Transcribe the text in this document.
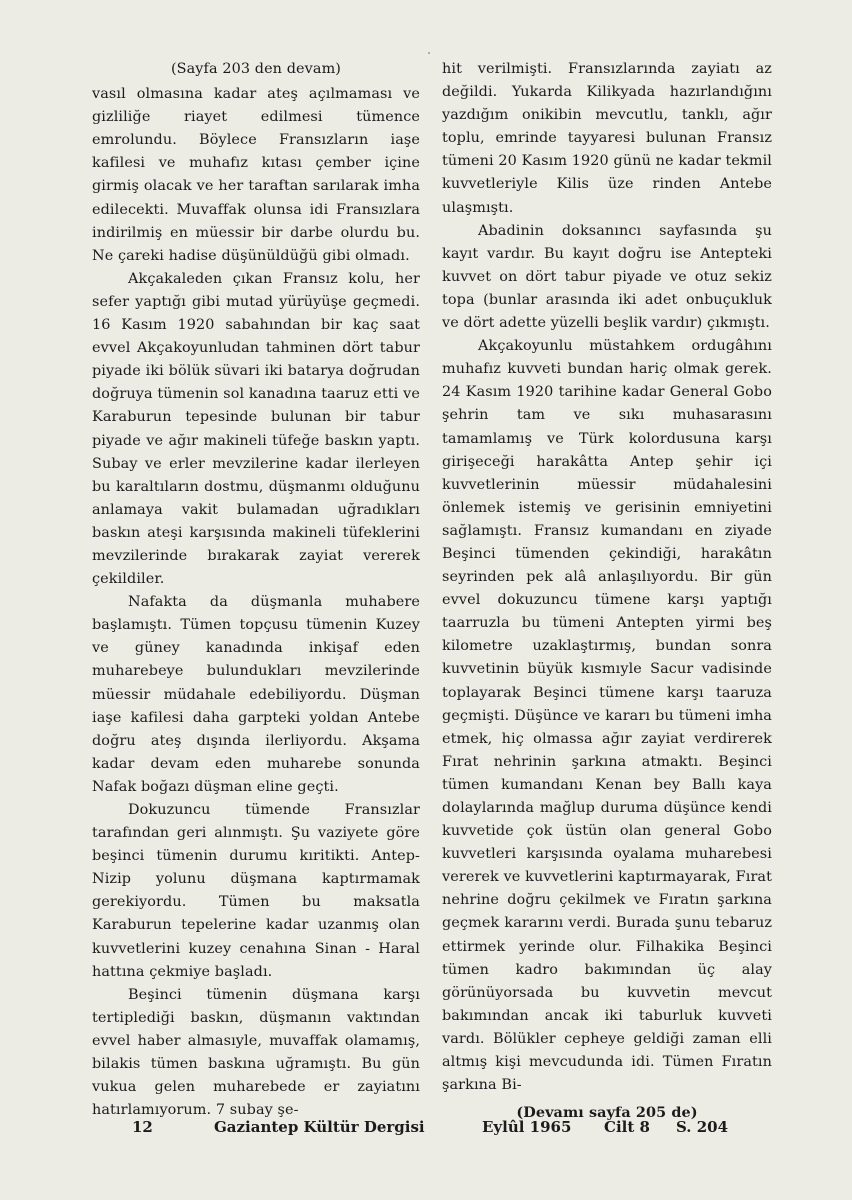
(Sayfa 203 den devam)

vasıl olmasına kadar ateş açılmaması ve gizliliğe riayet edilmesi tümence emrolundu. Böylece Fransızların iaşe kafilesi ve muhafız kıtası çember içine girmiş olacak ve her taraftan sarılarak imha edilecekti. Muvaffak olunsa idi Fransızlara indirilmiş en müessir bir darbe olurdu bu. Ne çareki hadise düşünüldüğü gibi olmadı.

Akçakaleden çıkan Fransız kolu, her sefer yaptığı gibi mutad yürüyüşe geçmedi. 16 Kasım 1920 sabahından bir kaç saat evvel Akçakoyunludan tahminen dört tabur piyade iki bölük süvari iki batarya doğrudan doğruya tümenin sol kanadına taaruz etti ve Karaburun tepesinde bulunan bir tabur piyade ve ağır makineli tüfeğe baskın yaptı. Subay ve erler mevzilerine kadar ilerleyen bu karaltıların dostmu, düşmanmı olduğunu anlamaya vakit bulamadan uğradıkları baskın ateşi karşısında makineli tüfeklerini mevzilerinde bırakarak zayiat vererek çekildiler.

Nafakta da düşmanla muhabere başlamıştı. Tümen topçusu tümenin Kuzey ve güney kanadında inkişaf eden muharebeye bulundukları mevzilerinde müessir müdahale edebiliyordu. Düşman iaşe kafilesi daha garpteki yoldan Antebe doğru ateş dışında ilerliyordu. Akşama kadar devam eden muharebe sonunda Nafak boğazı düşman eline geçti.

Dokuzuncu tümende Fransızlar tarafından geri alınmıştı. Şu vaziyete göre beşinci tümenin durumu kıritikti. Antep-Nizip yolunu düşmana kaptırmamak gerekiyordu. Tümen bu maksatla Karaburun tepelerine kadar uzanmış olan kuvvetlerini kuzey cenahına Sinan - Haral hattına çekmiye başladı.

Beşinci tümenin düşmana karşı tertiplediği baskın, düşmanın vaktından evvel haber almasıyle, muvaffak olamamış, bilakis tümen baskına uğramıştı. Bu gün vukua gelen muharebede er zayiatını hatırlamıyorum. 7 subay şe-

hit verilmişti. Fransızlarında zayiatı az değildi. Yukarda Kilikyada hazırlandığını yazdığım onikibin mevcutlu, tanklı, ağır toplu, emrinde tayyaresi bulunan Fransız tümeni 20 Kasım 1920 günü ne kadar tekmil kuvvetleriyle Kilis üze rinden Antebe ulaşmıştı.

Abadinin doksanıncı sayfasında şu kayıt vardır. Bu kayıt doğru ise Antepteki kuvvet on dört tabur piyade ve otuz sekiz topa (bunlar arasında iki adet onbuçukluk ve dört adette yüzelli beşlik vardır) çıkmıştı.

Akçakoyunlu müstahkem ordugâhını muhafız kuvveti bundan hariç olmak gerek. 24 Kasım 1920 tarihine kadar General Gobo şehrin tam ve sıkı muhasarasını tamamlamış ve Türk kolordusuna karşı girişeceği harakâtta Antep şehir içi kuvvetlerinin müessir müdahalesini önlemek istemiş ve gerisinin emniyetini sağlamıştı. Fransız kumandanı en ziyade Beşinci tümenden çekindiği, harakâtın seyrinden pek alâ anlaşılıyordu. Bir gün evvel dokuzuncu tümene karşı yaptığı taarruzla bu tümeni Antepten yirmi beş kilometre uzaklaştırmış, bundan sonra kuvvetinin büyük kısmıyle Sacur vadisinde toplayarak Beşinci tümene karşı taaruza geçmişti. Düşünce ve kararı bu tümeni imha etmek, hiç olmassa ağır zayiat verdirerek Fırat nehrinin şarkına atmaktı. Beşinci tümen kumandanı Kenan bey Ballı kaya dolaylarında mağlup duruma düşünce kendi kuvvetide çok üstün olan general Gobo kuvvetleri karşısında oyalama muharebesi vererek ve kuvvetlerini kaptırmayarak, Fırat nehrine doğru çekilmek ve Fıratın şarkına geçmek kararını verdi. Burada şunu tebaruz ettirmek yerinde olur. Filhakika Beşinci tümen kadro bakımından üç alay görünüyorsada bu kuvvetin mevcut bakımından ancak iki taburluk kuvveti vardı. Bölükler cepheye geldiği zaman elli altmış kişi mevcudunda idi. Tümen Fıratın şarkına Bi-

(Devamı sayfa 205 de)

12	Gaziantep Kültür Dergisi	Eylûl 1965 Cilt 8 S. 204
